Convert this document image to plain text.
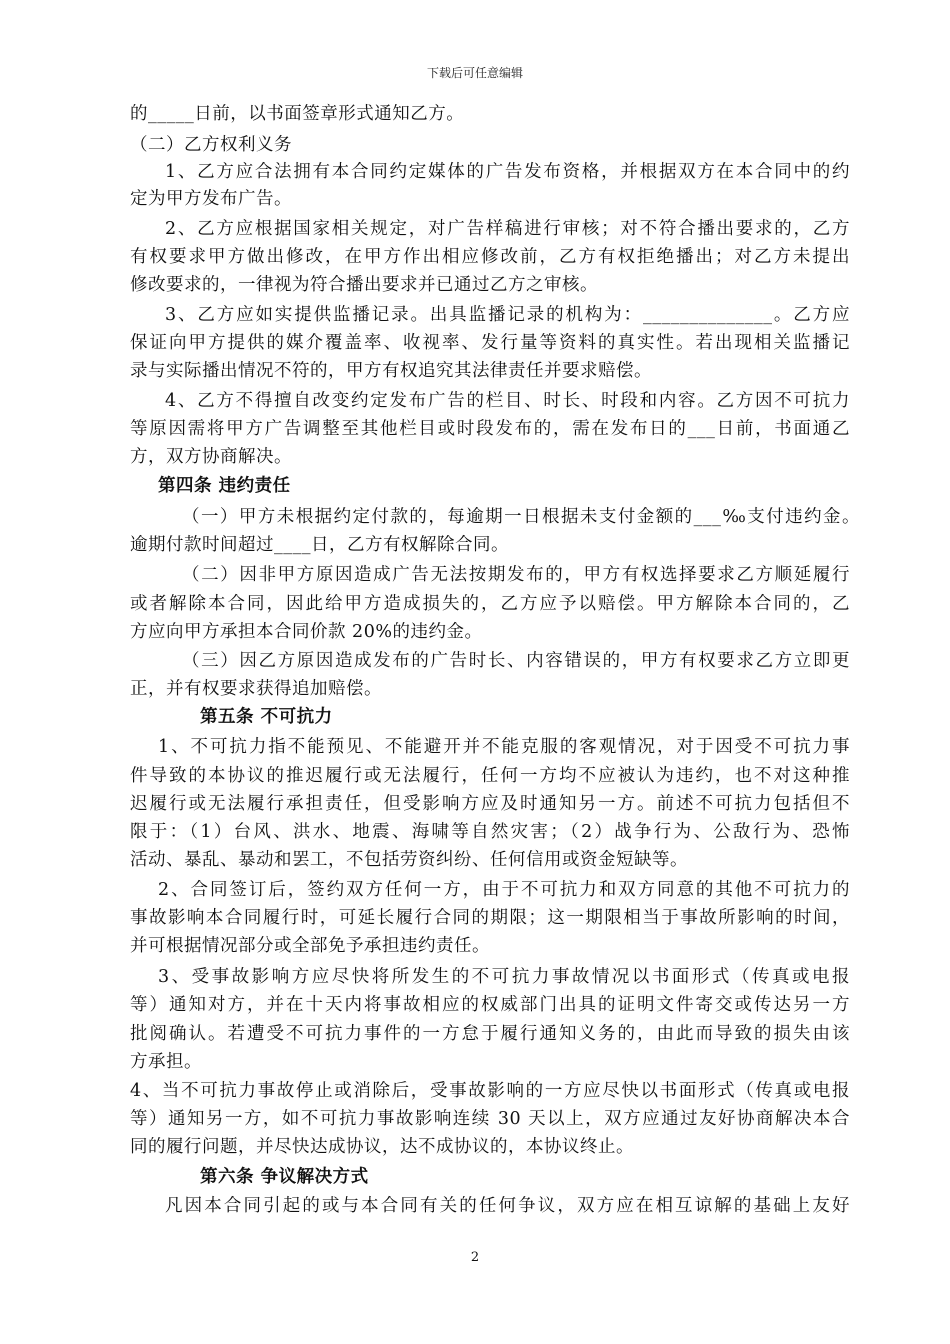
下载后可任意编辑
的_____日前，以书面签章形式通知乙方。
（二）乙方权利义务
1、乙方应合法拥有本合同约定媒体的广告发布资格，并根据双方在本合同中的约
定为甲方发布广告。
2、乙方应根据国家相关规定，对广告样稿进行审核；对不符合播出要求的，乙方
有权要求甲方做出修改，在甲方作出相应修改前，乙方有权拒绝播出；对乙方未提出
修改要求的，一律视为符合播出要求并已通过乙方之审核。
3、乙方应如实提供监播记录。出具监播记录的机构为：______________。乙方应
保证向甲方提供的媒介覆盖率、收视率、发行量等资料的真实性。若出现相关监播记
录与实际播出情况不符的，甲方有权追究其法律责任并要求赔偿。
4、乙方不得擅自改变约定发布广告的栏目、时长、时段和内容。乙方因不可抗力
等原因需将甲方广告调整至其他栏目或时段发布的，需在发布日的___日前，书面通乙
方，双方协商解决。
第四条 违约责任
（一）甲方未根据约定付款的，每逾期一日根据未支付金额的___‰支付违约金。
逾期付款时间超过____日，乙方有权解除合同。
（二）因非甲方原因造成广告无法按期发布的，甲方有权选择要求乙方顺延履行
或者解除本合同，因此给甲方造成损失的，乙方应予以赔偿。甲方解除本合同的，乙
方应向甲方承担本合同价款 20%的违约金。
（三）因乙方原因造成发布的广告时长、内容错误的，甲方有权要求乙方立即更
正，并有权要求获得追加赔偿。
第五条 不可抗力
1、不可抗力指不能预见、不能避开并不能克服的客观情况，对于因受不可抗力事
件导致的本协议的推迟履行或无法履行，任何一方均不应被认为违约，也不对这种推
迟履行或无法履行承担责任，但受影响方应及时通知另一方。前述不可抗力包括但不
限于：（1）台风、洪水、地震、海啸等自然灾害；（2）战争行为、公敌行为、恐怖
活动、暴乱、暴动和罢工，不包括劳资纠纷、任何信用或资金短缺等。
2、合同签订后，签约双方任何一方，由于不可抗力和双方同意的其他不可抗力的
事故影响本合同履行时，可延长履行合同的期限；这一期限相当于事故所影响的时间，
并可根据情况部分或全部免予承担违约责任。
3、受事故影响方应尽快将所发生的不可抗力事故情况以书面形式（传真或电报
等）通知对方，并在十天内将事故相应的权威部门出具的证明文件寄交或传达另一方
批阅确认。若遭受不可抗力事件的一方怠于履行通知义务的，由此而导致的损失由该
方承担。
4、当不可抗力事故停止或消除后，受事故影响的一方应尽快以书面形式（传真或电报
等）通知另一方，如不可抗力事故影响连续 30 天以上，双方应通过友好协商解决本合
同的履行问题，并尽快达成协议，达不成协议的，本协议终止。
第六条 争议解决方式
凡因本合同引起的或与本合同有关的任何争议，双方应在相互谅解的基础上友好
2
